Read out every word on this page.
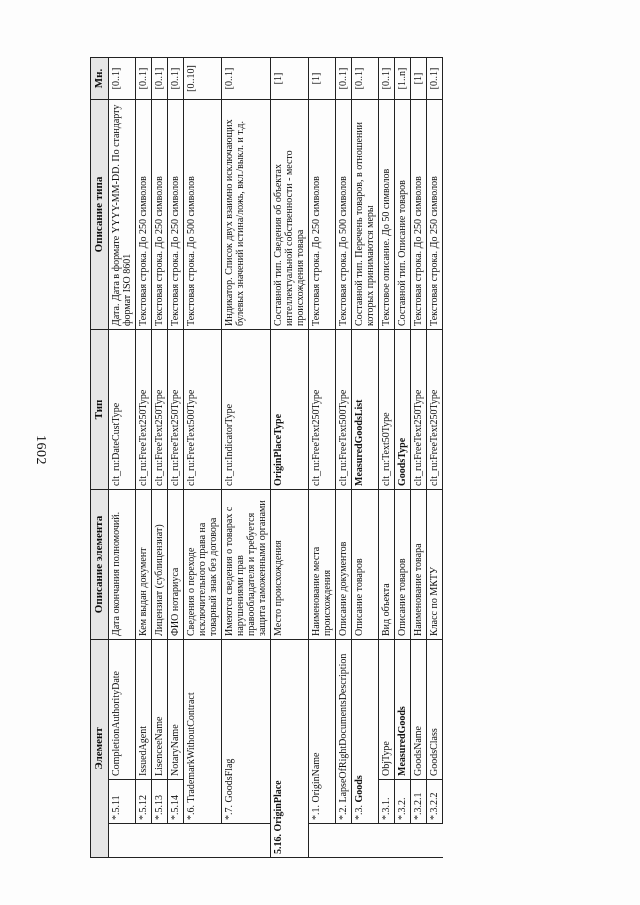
1602
Элемент			Описание элемента	Тип	Описание типа	Мн.
	*.5.11	CompletionAuthorityDate	Дата окончания полномочий.	clt_ru:DateCustType	Дата. Дата в формате YYYY-MM-DD. По стандарту формат ISO 8601	[0..1]
	*.5.12	IssuedAgent	Кем выдан документ	clt_ru:FreeText250Type	Текстовая строка. До 250 символов	[0..1]
	*.5.13	LisenceeName	Лицензиат (сублицензиат)	clt_ru:FreeText250Type	Текстовая строка. До 250 символов	[0..1]
	*.5.14	NotaryName	ФИО нотариуса	clt_ru:FreeText250Type	Текстовая строка. До 250 символов	[0..1]
	*.6. TrademarkWithoutContract		Сведения о переходе исключительного права на товарный знак без договора	clt_ru:FreeText500Type	Текстовая строка. До 500 символов	[0..10]
	*.7. GoodsFlag		Имеются сведения о товарах с нарушениями прав правообладателя и требуется защита таможенными органами	clt_ru:IndicatorType	Индикатор. Список двух взаимно исключающих булевых значений истина/ложь, вкл./выкл. и т.д.	[0..1]
5.16. OriginPlace			Место происхождения	OriginPlaceType	Составной тип. Сведения об объектах интеллектуальной собственности - место происхождения товара	[1]
	*.1. OriginName		Наименование места происхождения	clt_ru:FreeText250Type	Текстовая строка. До 250 символов	[1]
	*.2. LapseOfRightDocumentsDescription		Описание документов	clt_ru:FreeText500Type	Текстовая строка. До 500 символов	[0..1]
	*.3. Goods		Описание товаров	MeasuredGoodsList	Составной тип. Перечень товаров, в отношении которых принимаются меры	[0..1]
	*.3.1.	ObjType	Вид объекта	clt_ru:Text50Type	Текстовое описание. До 50 символов	[0..1]
	*.3.2.	MeasuredGoods	Описание товаров	GoodsType	Составной тип. Описание товаров	[1..n]
	*.3.2.1	GoodsName	Наименование товара	clt_ru:FreeText250Type	Текстовая строка. До 250 символов	[1]
	*.3.2.2	GoodsClass	Класс по МКТУ	clt_ru:FreeText250Type	Текстовая строка. До 250 символов	[0..1]
